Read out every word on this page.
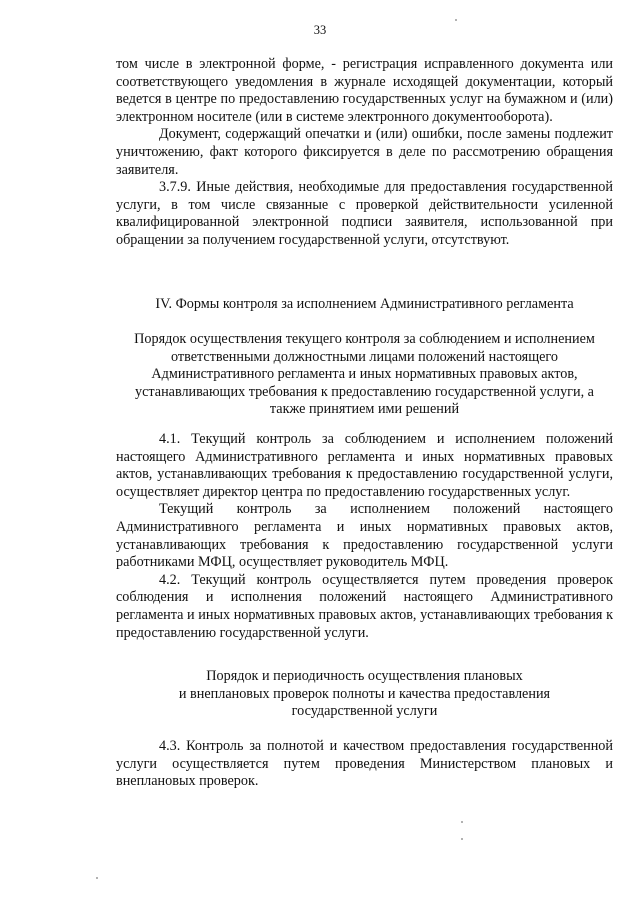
33

том числе в электронной форме, - регистрация исправленного документа или соответствующего уведомления в журнале исходящей документации, который ведется в центре по предоставлению государственных услуг на бумажном и (или) электронном носителе (или в системе электронного документооборота).

Документ, содержащий опечатки и (или) ошибки, после замены подлежит уничтожению, факт которого фиксируется в деле по рассмотрению обращения заявителя.

3.7.9. Иные действия, необходимые для предоставления государственной услуги, в том числе связанные с проверкой действительности усиленной квалифицированной электронной подписи заявителя, использованной при обращении за получением государственной услуги, отсутствуют.

IV. Формы контроля за исполнением Административного регламента
Порядок осуществления текущего контроля за соблюдением и исполнением
ответственными должностными лицами положений настоящего
Административного регламента и иных нормативных правовых актов,
устанавливающих требования к предоставлению государственной услуги, а
также принятием ими решений

4.1. Текущий контроль за соблюдением и исполнением положений настоящего Административного регламента и иных нормативных правовых актов, устанавливающих требования к предоставлению государственной услуги, осуществляет директор центра по предоставлению государственных услуг.

Текущий контроль за исполнением положений настоящего Административного регламента и иных нормативных правовых актов, устанавливающих требования к предоставлению государственной услуги работниками МФЦ, осуществляет руководитель МФЦ.

4.2. Текущий контроль осуществляется путем проведения проверок соблюдения и исполнения положений настоящего Административного регламента и иных нормативных правовых актов, устанавливающих требования к предоставлению государственной услуги.

Порядок и периодичность осуществления плановых
и внеплановых проверок полноты и качества предоставления
государственной услуги

4.3. Контроль за полнотой и качеством предоставления государственной услуги осуществляется путем проведения Министерством плановых и внеплановых проверок.
